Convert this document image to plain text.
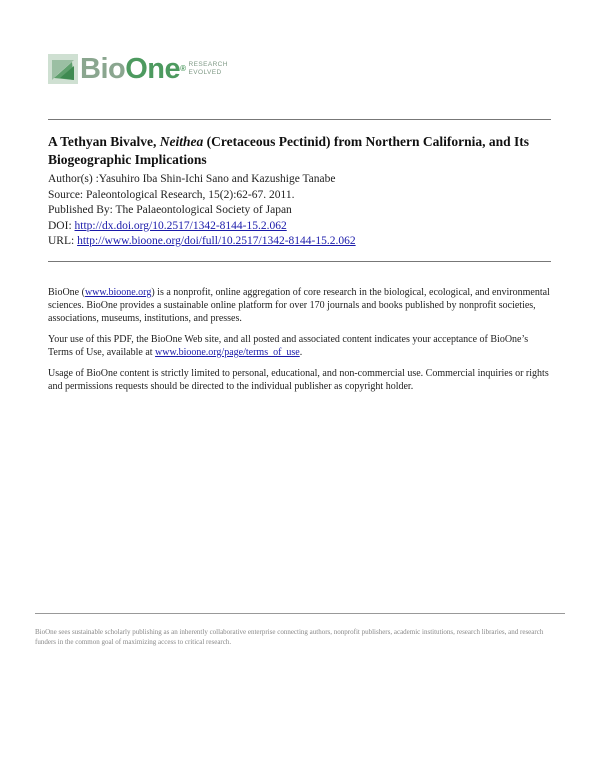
BioOne® RESEARCH
EVOLVED
A Tethyan Bivalve, Neithea (Cretaceous Pectinid) from Northern California, and Its Biogeographic Implications
Author(s) :Yasuhiro Iba Shin-Ichi Sano and Kazushige Tanabe
Source: Paleontological Research, 15(2):62-67. 2011.
Published By: The Palaeontological Society of Japan
DOI: http://dx.doi.org/10.2517/1342-8144-15.2.062
URL: http://www.bioone.org/doi/full/10.2517/1342-8144-15.2.062

BioOne (www.bioone.org) is a nonprofit, online aggregation of core research in the biological, ecological, and environmental sciences. BioOne provides a sustainable online platform for over 170 journals and books published by nonprofit societies, associations, museums, institutions, and presses.

Your use of this PDF, the BioOne Web site, and all posted and associated content indicates your acceptance of BioOne’s Terms of Use, available at www.bioone.org/page/terms_of_use.

Usage of BioOne content is strictly limited to personal, educational, and non-commercial use. Commercial inquiries or rights and permissions requests should be directed to the individual publisher as copyright holder.

BioOne sees sustainable scholarly publishing as an inherently collaborative enterprise connecting authors, nonprofit publishers, academic institutions, research libraries, and research funders in the common goal of maximizing access to critical research.
